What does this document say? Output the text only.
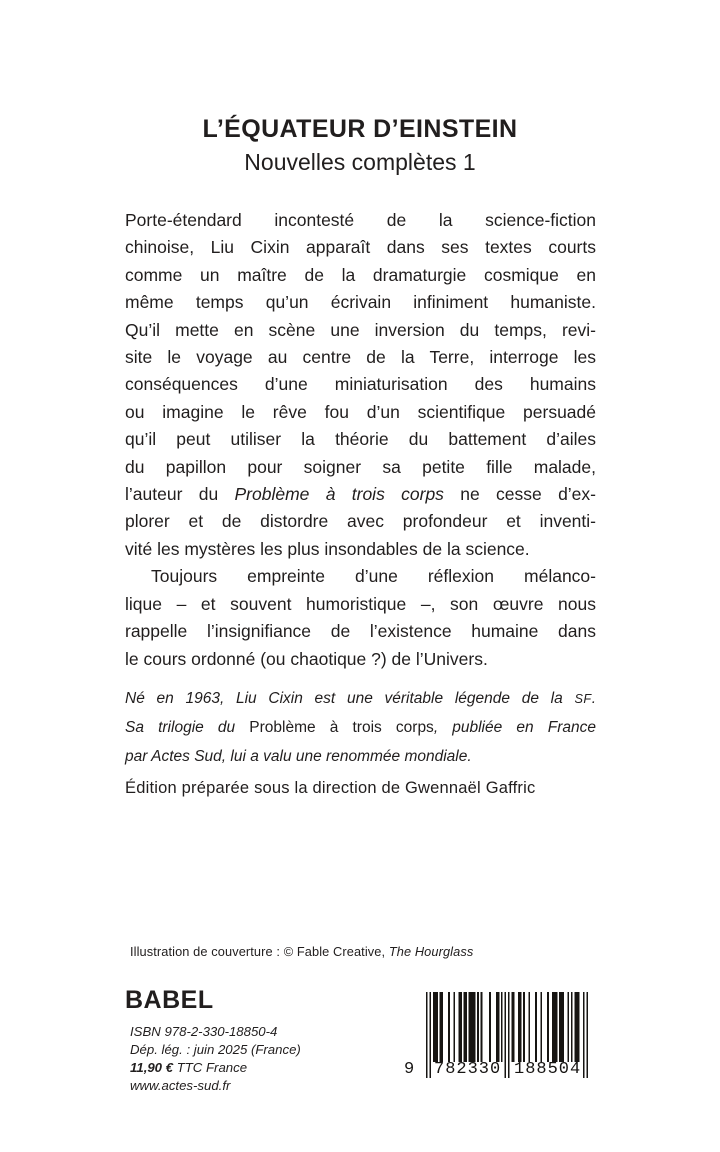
L’ÉQUATEUR D’EINSTEIN
Nouvelles complètes 1
Porte-étendard incontesté de la science-fiction
chinoise, Liu Cixin apparaît dans ses textes courts
comme un maître de la dramaturgie cosmique en
même temps qu’un écrivain infiniment humaniste.
Qu’il mette en scène une inversion du temps, revi-
site le voyage au centre de la Terre, interroge les
conséquences d’une miniaturisation des humains
ou imagine le rêve fou d’un scientifique persuadé
qu’il peut utiliser la théorie du battement d’ailes
du papillon pour soigner sa petite fille malade,
l’auteur du Problème à trois corps ne cesse d’ex-
plorer et de distordre avec profondeur et inventi-
vité les mystères les plus insondables de la science.
Toujours empreinte d’une réflexion mélanco-
lique – et souvent humoristique –, son œuvre nous
rappelle l’insignifiance de l’existence humaine dans
le cours ordonné (ou chaotique ?) de l’Univers.
Né en 1963, Liu Cixin est une véritable légende de la SF.
Sa trilogie du Problème à trois corps, publiée en France
par Actes Sud, lui a valu une renommée mondiale.
Édition préparée sous la direction de Gwennaël Gaffric
Illustration de couverture : © Fable Creative, The Hourglass
BABEL
ISBN 978-2-330-18850-4
Dép. lég. : juin 2025 (France)
11,90 € TTC France
www.actes-sud.fr
9 782330 188504
